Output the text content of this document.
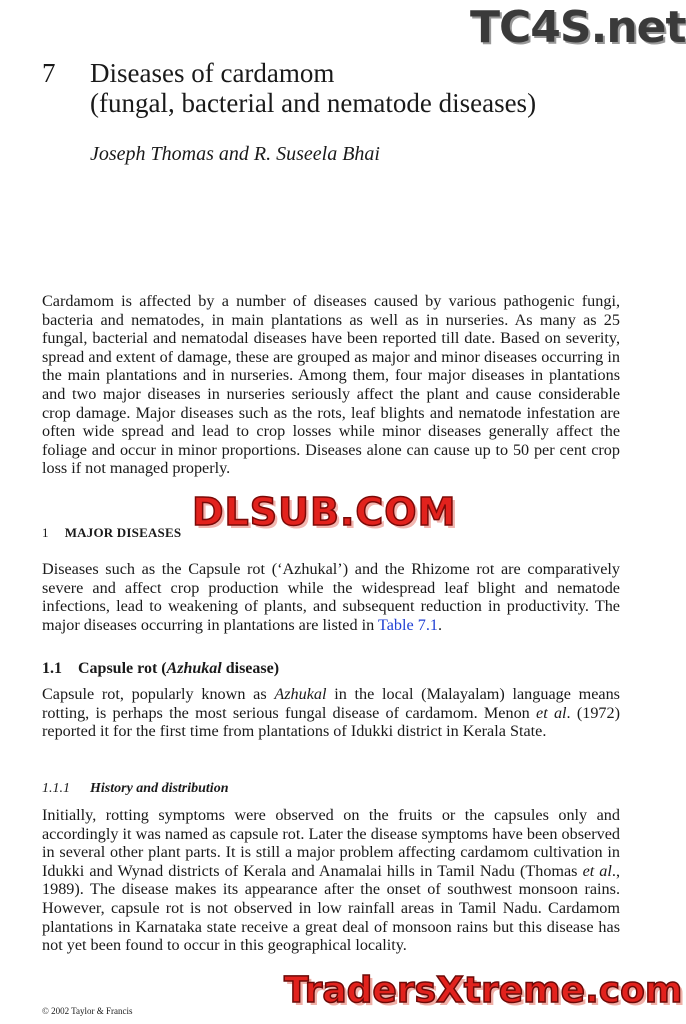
TC4S.net
7 Diseases of cardamom
(fungal, bacterial and nematode diseases)
Joseph Thomas and R. Suseela Bhai

Cardamom is affected by a number of diseases caused by various pathogenic fungi, bacteria and nematodes, in main plantations as well as in nurseries. As many as 25 fungal, bacterial and nematodal diseases have been reported till date. Based on severity, spread and extent of damage, these are grouped as major and minor diseases occurring in the main plantations and in nurseries. Among them, four major diseases in plantations and two major diseases in nurseries seriously affect the plant and cause considerable crop damage. Major diseases such as the rots, leaf blights and nematode infestation are often wide spread and lead to crop losses while minor diseases generally affect the foliage and occur in minor proportions. Diseases alone can cause up to 50 per cent crop loss if not managed properly.

1 MAJOR DISEASES DLSUB.COM

Diseases such as the Capsule rot (‘Azhukal’) and the Rhizome rot are comparatively severe and affect crop production while the widespread leaf blight and nematode infections, lead to weakening of plants, and subsequent reduction in productivity. The major diseases occurring in plantations are listed in Table 7.1.

1.1 Capsule rot (Azhukal disease)

Capsule rot, popularly known as Azhukal in the local (Malayalam) language means rotting, is perhaps the most serious fungal disease of cardamom. Menon et al. (1972) reported it for the first time from plantations of Idukki district in Kerala State.

1.1.1 History and distribution

Initially, rotting symptoms were observed on the fruits or the capsules only and accordingly it was named as capsule rot. Later the disease symptoms have been observed in several other plant parts. It is still a major problem affecting cardamom cultivation in Idukki and Wynad districts of Kerala and Anamalai hills in Tamil Nadu (Thomas et al., 1989). The disease makes its appearance after the onset of southwest monsoon rains. However, capsule rot is not observed in low rainfall areas in Tamil Nadu. Cardamom plantations in Karnataka state receive a great deal of monsoon rains but this disease has not yet been found to occur in this geographical locality.

TradersXtreme.com
© 2002 Taylor & Francis
